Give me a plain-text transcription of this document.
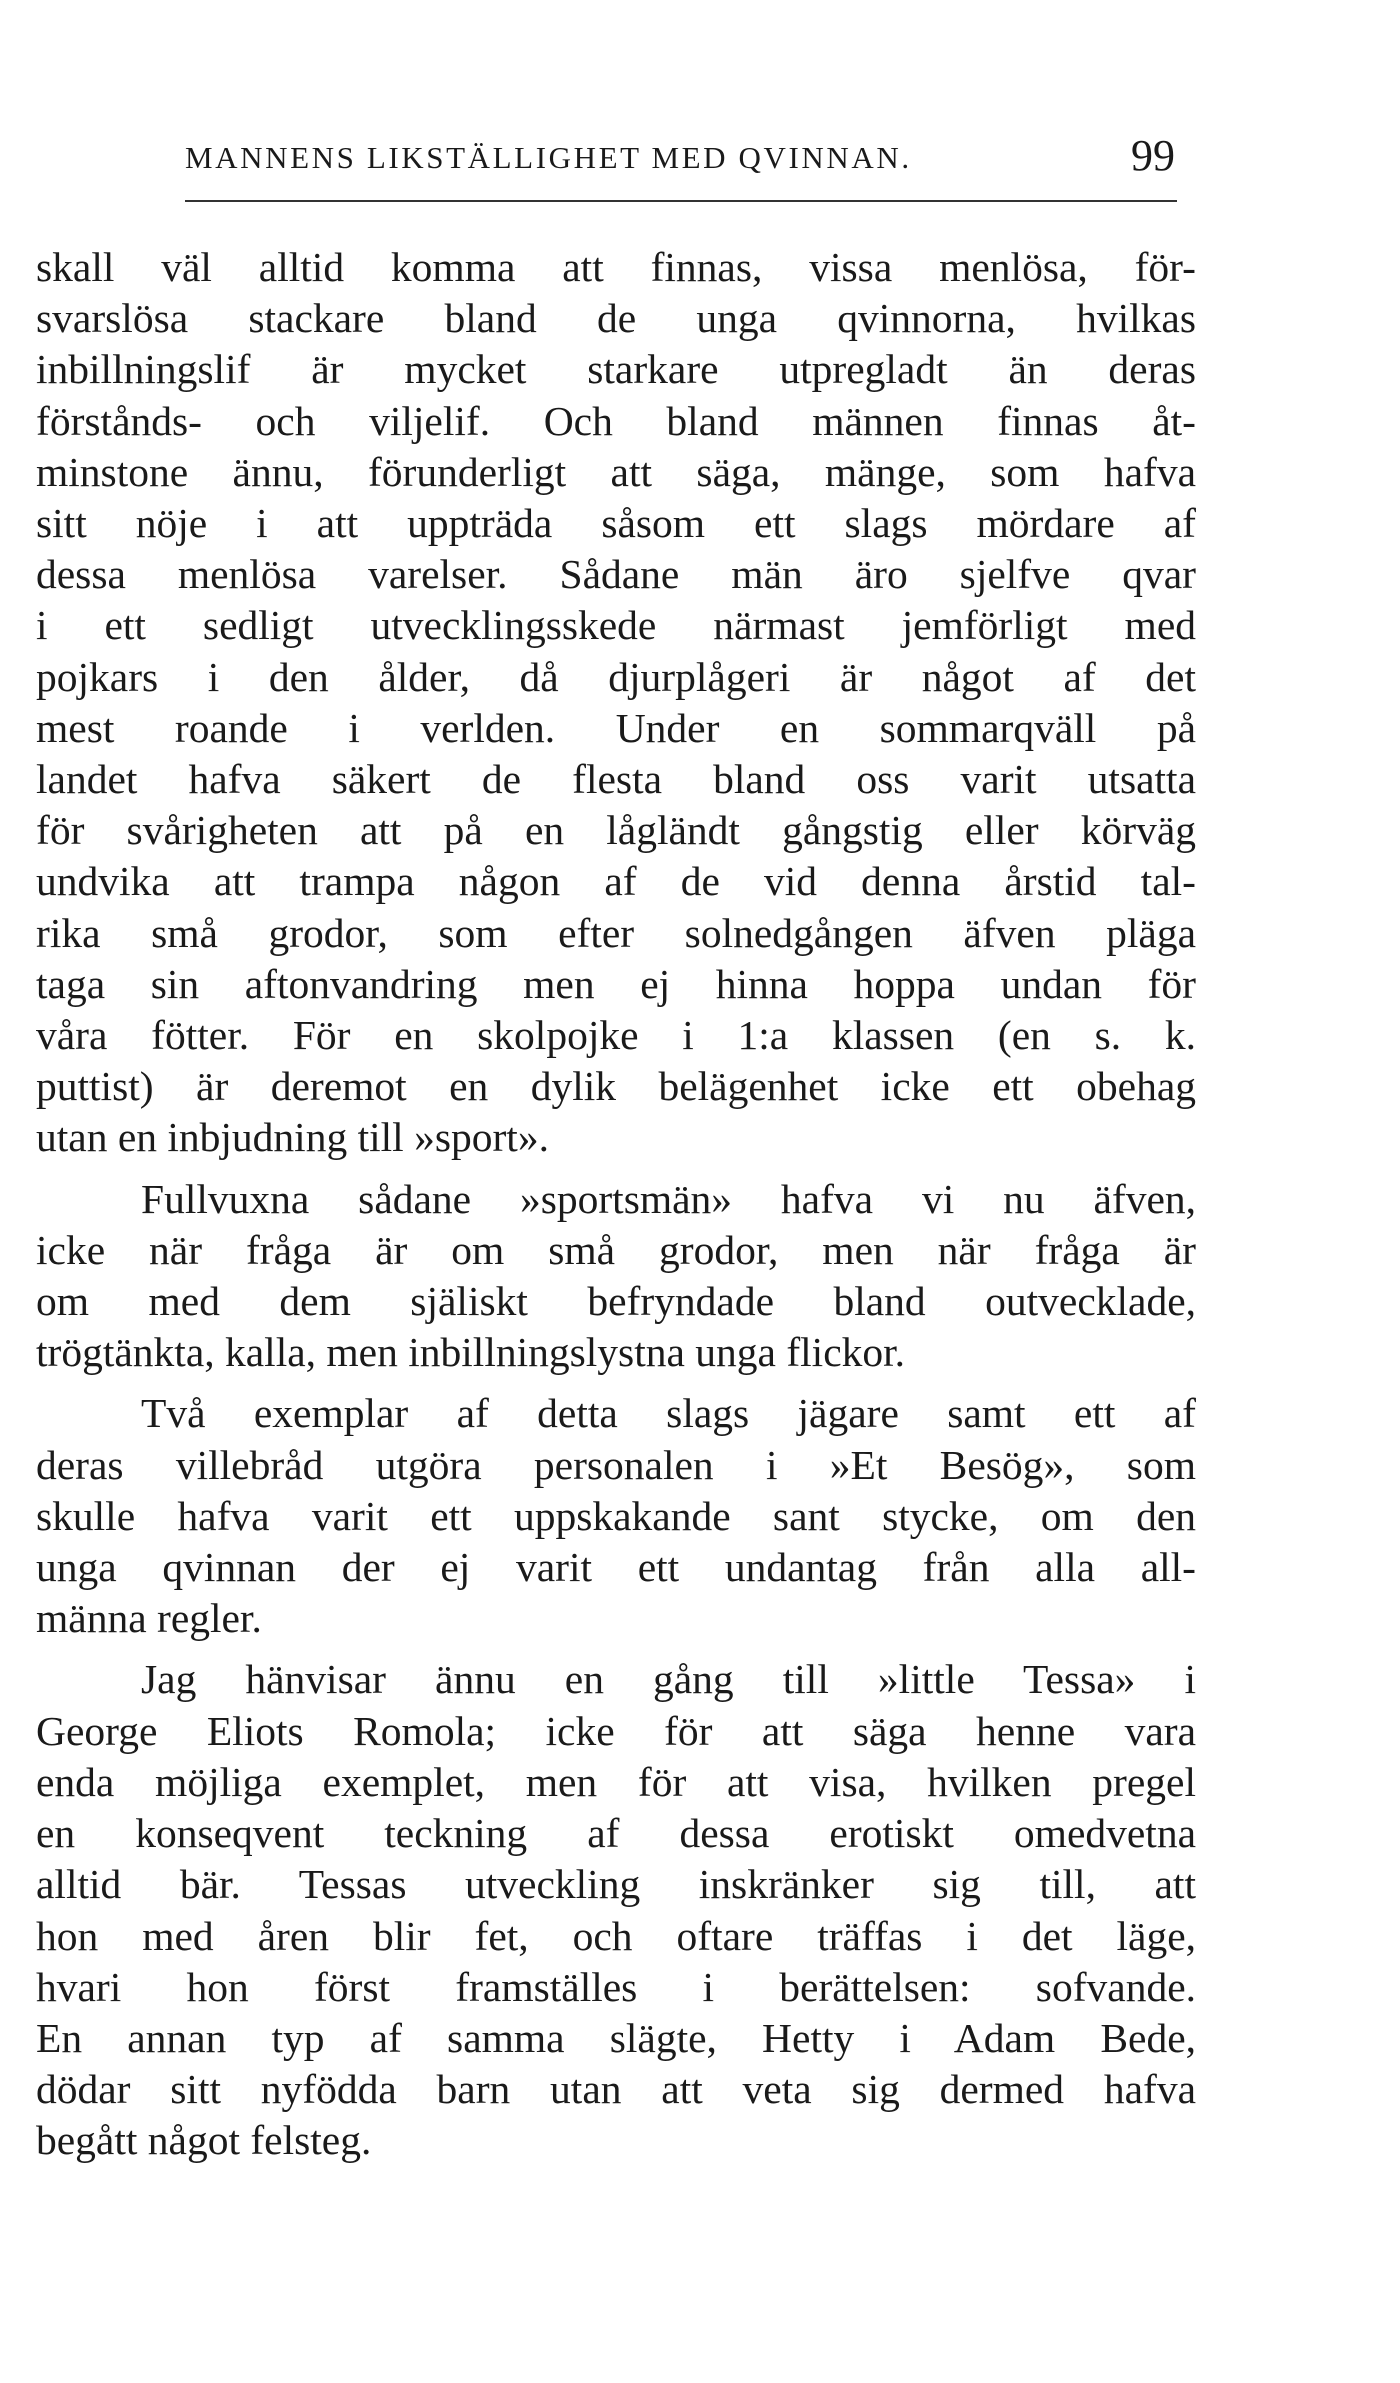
MANNENS LIKSTÄLLIGHET MED QVINNAN.	99
skall väl alltid komma att finnas, vissa menlösa, för-
svarslösa stackare bland de unga qvinnorna, hvilkas
inbillningslif är mycket starkare utpregladt än deras
förstånds- och viljelif. Och bland männen finnas åt-
minstone ännu, förunderligt att säga, mänge, som hafva
sitt nöje i att uppträda såsom ett slags mördare af
dessa menlösa varelser. Sådane män äro sjelfve qvar
i ett sedligt utvecklingsskede närmast jemförligt med
pojkars i den ålder, då djurplågeri är något af det
mest roande i verlden. Under en sommarqväll på
landet hafva säkert de flesta bland oss varit utsatta
för svårigheten att på en lågländt gångstig eller körväg
undvika att trampa någon af de vid denna årstid tal-
rika små grodor, som efter solnedgången äfven pläga
taga sin aftonvandring men ej hinna hoppa undan för
våra fötter. För en skolpojke i 1:a klassen (en s. k.
puttist) är deremot en dylik belägenhet icke ett obehag
utan en inbjudning till »sport».
Fullvuxna sådane »sportsmän» hafva vi nu äfven,
icke när fråga är om små grodor, men när fråga är
om med dem själiskt befryndade bland outvecklade,
trögtänkta, kalla, men inbillningslystna unga flickor.
Två exemplar af detta slags jägare samt ett af
deras villebråd utgöra personalen i »Et Besög», som
skulle hafva varit ett uppskakande sant stycke, om den
unga qvinnan der ej varit ett undantag från alla all-
männa regler.
Jag hänvisar ännu en gång till »little Tessa» i
George Eliots Romola; icke för att säga henne vara
enda möjliga exemplet, men för att visa, hvilken pregel
en konseqvent teckning af dessa erotiskt omedvetna
alltid bär. Tessas utveckling inskränker sig till, att
hon med åren blir fet, och oftare träffas i det läge,
hvari hon först framställes i berättelsen: sofvande.
En annan typ af samma slägte, Hetty i Adam Bede,
dödar sitt nyfödda barn utan att veta sig dermed hafva
begått något felsteg.
